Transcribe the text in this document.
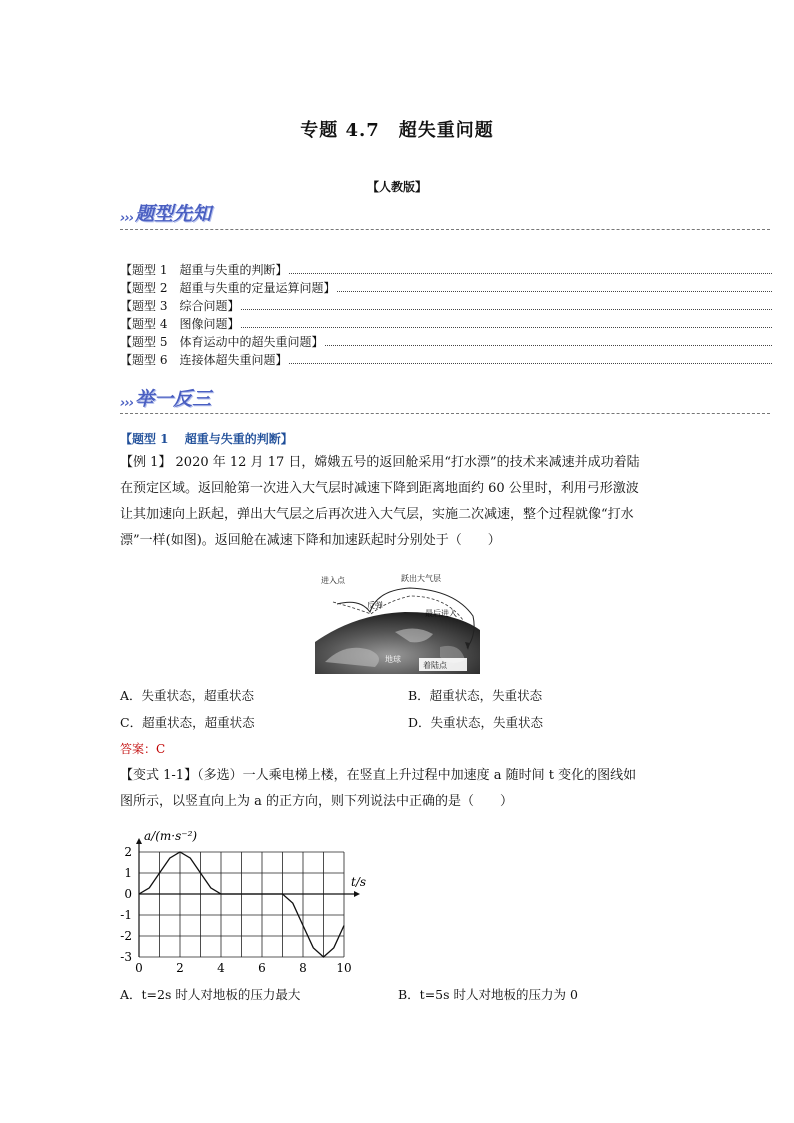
专题 4.7　超失重问题
【人教版】
››› 题型先知
【题型 1　超重与失重的判断】
【题型 2　超重与失重的定量运算问题】
【题型 3　综合问题】
【题型 4　图像问题】
【题型 5　体育运动中的超失重问题】
【题型 6　连接体超失重问题】
››› 举一反三
【题型 1　 超重与失重的判断】
【例 1】 2020 年 12 月 17 日，嫦娥五号的返回舱采用“打水漂”的技术来减速并成功着陆
在预定区域。返回舱第一次进入大气层时减速下降到距离地面约 60 公里时，利用弓形激波
让其加速向上跃起，弹出大气层之后再次进入大气层，实施二次减速，整个过程就像“打水
漂”一样(如图)。返回舱在减速下降和加速跃起时分别处于（　　）
进入点	跃出大气层
反弹
最后进入
地球
着陆点
A．失重状态，超重状态	B．超重状态，失重状态
C．超重状态，超重状态	D．失重状态，失重状态
答案：C
【变式 1-1】（多选）一人乘电梯上楼，在竖直上升过程中加速度 a 随时间 t 变化的图线如
图所示，以竖直向上为 a 的正方向，则下列说法中正确的是（　　）
0	2	4	6	8 10
2
1
0
-1
-2
-3
a/(m·s⁻²)
t/s
A．t=2s 时人对地板的压力最大	B．t=5s 时人对地板的压力为 0
